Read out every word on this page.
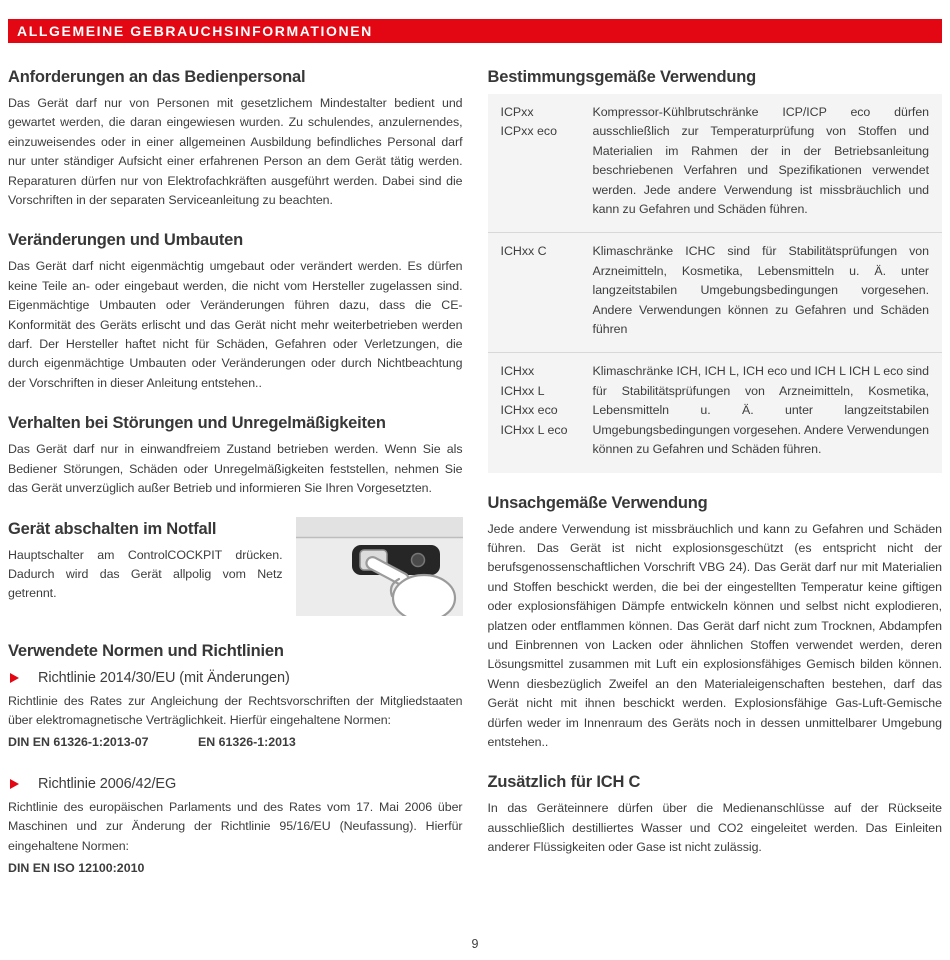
ALLGEMEINE GEBRAUCHSINFORMATIONEN
Anforderungen an das Bedienpersonal

Das Gerät darf nur von Personen mit gesetzlichem Mindestalter bedient und gewartet werden, die daran eingewiesen wurden. Zu schulendes, anzulernendes, einzuweisendes oder in einer allgemeinen Ausbildung befindliches Personal darf nur unter ständiger Aufsicht einer erfahrenen Person an dem Gerät tätig werden. Reparaturen dürfen nur von Elektrofachkräften ausgeführt werden. Dabei sind die Vorschriften in der separaten Serviceanleitung zu beachten.

Veränderungen und Umbauten

Das Gerät darf nicht eigenmächtig umgebaut oder verändert werden. Es dürfen keine Teile an- oder eingebaut werden, die nicht vom Hersteller zugelassen sind. Eigenmächtige Umbauten oder Veränderungen führen dazu, dass die CE-Konformität des Geräts erlischt und das Gerät nicht mehr weiterbetrieben werden darf. Der Hersteller haftet nicht für Schäden, Gefahren oder Verletzungen, die durch eigenmächtige Umbauten oder Veränderungen oder durch Nichtbeachtung der Vorschriften in dieser Anleitung entstehen..

Verhalten bei Störungen und Unregelmäßigkeiten

Das Gerät darf nur in einwandfreiem Zustand betrieben werden. Wenn Sie als Bediener Störungen, Schäden oder Unregelmäßigkeiten feststellen, nehmen Sie das Gerät unverzüglich außer Betrieb und informieren Sie Ihren Vorgesetzten.

Gerät abschalten im Notfall

Hauptschalter am ControlCOCKPIT drücken. Dadurch wird das Gerät allpolig vom Netz getrennt.

Verwendete Normen und Richtlinien
Richtlinie 2014/30/EU (mit Änderungen)

Richtlinie des Rates zur Angleichung der Rechtsvorschriften der Mitgliedstaaten über elektromagnetische Verträglichkeit. Hierfür eingehaltene Normen:

DIN EN 61326-1:2013-07	EN 61326-1:2013
Richtlinie 2006/42/EG

Richtlinie des europäischen Parlaments und des Rates vom 17. Mai 2006 über Maschinen und zur Änderung der Richtlinie 95/16/EU (Neufassung). Hierfür eingehaltene Normen:

DIN EN ISO 12100:2010
Bestimmungsgemäße Verwendung
ICPxx
ICPxx eco

Kompressor-Kühlbrutschränke ICP/ICP eco dürfen ausschließlich zur Temperaturprüfung von Stoffen und Materialien im Rahmen der in der Betriebsanleitung beschriebenen Verfahren und Spezifikationen verwendet werden. Jede andere Verwendung ist missbräuchlich und kann zu Gefahren und Schäden führen.

ICHxx C	Klimaschränke ICHC sind für Stabilitätsprüfungen von Arzneimitteln, Kosmetika, Lebensmitteln u. Ä. unter langzeitstabilen Umgebungsbedingungen vorgesehen. Andere Verwendungen können zu Gefahren und Schäden führen

ICHxx
ICHxx L
ICHxx eco
ICHxx L eco

Klimaschränke ICH, ICH L, ICH eco und ICH L ICH L eco sind für Stabilitätsprüfungen von Arzneimitteln, Kosmetika, Lebensmitteln u. Ä. unter langzeitstabilen Umgebungsbedingungen vorgesehen. Andere Verwendungen können zu Gefahren und Schäden führen.

Unsachgemäße Verwendung

Jede andere Verwendung ist missbräuchlich und kann zu Gefahren und Schäden führen. Das Gerät ist nicht explosionsgeschützt (es entspricht nicht der berufsgenossenschaftlichen Vorschrift VBG 24). Das Gerät darf nur mit Materialien und Stoffen beschickt werden, die bei der eingestellten Temperatur keine giftigen oder explosionsfähigen Dämpfe entwickeln können und selbst nicht explodieren, platzen oder entflammen können. Das Gerät darf nicht zum Trocknen, Abdampfen und Einbrennen von Lacken oder ähnlichen Stoffen verwendet werden, deren Lösungsmittel zusammen mit Luft ein explosionsfähiges Gemisch bilden können. Wenn diesbezüglich Zweifel an den Materialeigenschaften bestehen, darf das Gerät nicht mit ihnen beschickt werden. Explosionsfähige Gas-Luft-Gemische dürfen weder im Innenraum des Geräts noch in dessen unmittelbarer Umgebung entstehen..

Zusätzlich für ICH C

In das Geräteinnere dürfen über die Medienanschlüsse auf der Rückseite ausschließlich destilliertes Wasser und CO2 eingeleitet werden. Das Einleiten anderer Flüssigkeiten oder Gase ist nicht zulässig.

9
